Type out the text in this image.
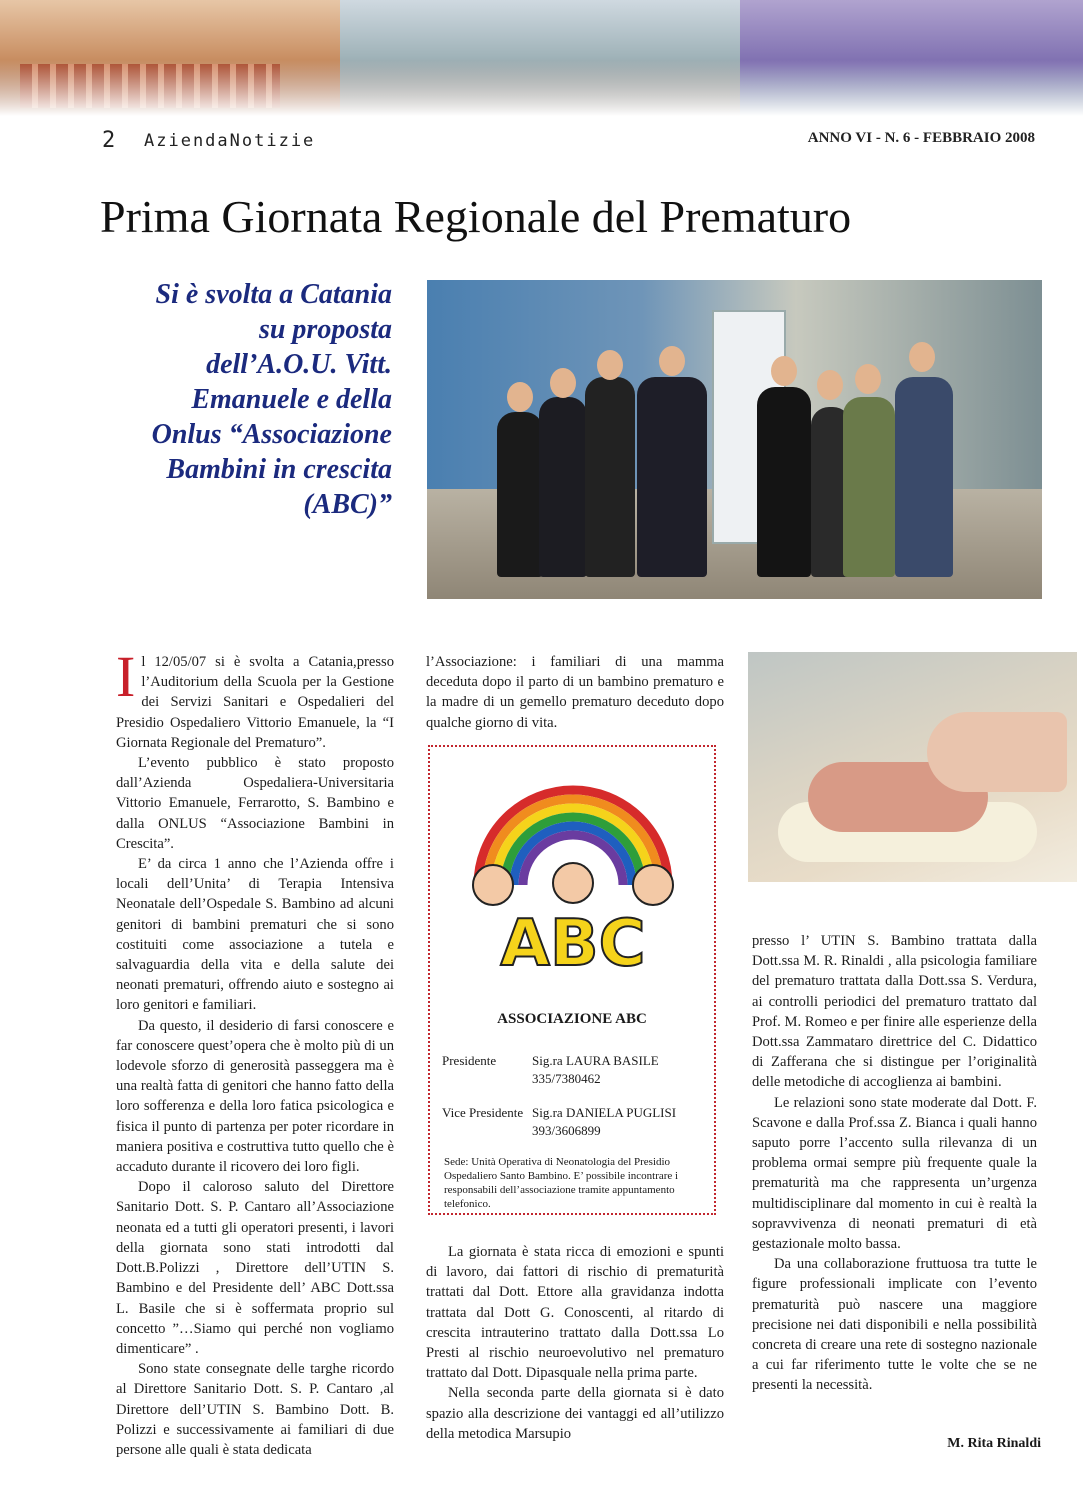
2 AziendaNotizie	ANNO VI - N. 6 - FEBBRAIO 2008
Prima Giornata Regionale del Prematuro
Si è svolta a Catania su proposta dell’A.O.U. Vitt. Emanuele e della Onlus “Associazione Bambini in crescita (ABC)”

Il 12/05/07 si è svolta a Catania,presso l’Auditorium della Scuola per la Gestione dei Servizi Sanitari e Ospedalieri del Presidio Ospedaliero Vittorio Emanuele, la “I Giornata Regionale del Prematuro”.

L’evento pubblico è stato proposto dall’Azienda Ospedaliera-Universitaria Vittorio Emanuele, Ferrarotto, S. Bambino e dalla ONLUS “Associazione Bambini in Crescita”.

E’ da circa 1 anno che l’Azienda offre i locali dell’Unita’ di Terapia Intensiva Neonatale dell’Ospedale S. Bambino ad alcuni genitori di bambini prematuri che si sono costituiti come associazione a tutela e salvaguardia della vita e della salute dei neonati prematuri, offrendo aiuto e sostegno ai loro genitori e familiari.

Da questo, il desiderio di farsi conoscere e far conoscere quest’opera che è molto più di un lodevole sforzo di generosità passeggera ma è una realtà fatta di genitori che hanno fatto della loro sofferenza e della loro fatica psicologica e fisica il punto di partenza per poter ricordare in maniera positiva e costruttiva tutto quello che è accaduto durante il ricovero dei loro figli.

Dopo il caloroso saluto del Direttore Sanitario Dott. S. P. Cantaro all’Associazione neonata ed a tutti gli operatori presenti, i lavori della giornata sono stati introdotti dal Dott.B.Polizzi , Direttore dell’UTIN S. Bambino e del Presidente dell’ ABC Dott.ssa L. Basile che si è soffermata proprio sul concetto ”…Siamo qui perché non vogliamo dimenticare” .

Sono state consegnate delle targhe ricordo al Direttore Sanitario Dott. S. P. Cantaro ,al Direttore dell’UTIN S. Bambino Dott. B. Polizzi e successivamente ai familiari di due persone alle quali è stata dedicata

l’Associazione: i familiari di una mamma deceduta dopo il parto di un bambino prematuro e la madre di un gemello prematuro deceduto dopo qualche giorno di vita.

ABC
ASSOCIAZIONE ABC
Presidente	Sig.ra LAURA BASILE
335/7380462
Vice Presidente Sig.ra DANIELA PUGLISI
393/3606899
Sede: Unità Operativa di Neonatologia del Presidio Ospedaliero Santo Bambino. E’ possibile incontrare i responsabili dell’associazione tramite appuntamento telefonico.

La giornata è stata ricca di emozioni e spunti di lavoro, dai fattori di rischio di prematurità trattati dal Dott. Ettore alla gravidanza indotta trattata dal Dott G. Conoscenti, al ritardo di crescita intrauterino trattato dalla Dott.ssa Lo Presti al rischio neuroevolutivo nel prematuro trattato dal Dott. Dipasquale nella prima parte.

Nella seconda parte della giornata si è dato spazio alla descrizione dei vantaggi ed all’utilizzo della metodica Marsupio

presso l’ UTIN S. Bambino trattata dalla Dott.ssa M. R. Rinaldi , alla psicologia familiare del prematuro trattata dalla Dott.ssa S. Verdura, ai controlli periodici del prematuro trattato dal Prof. M. Romeo e per finire alle esperienze della Dott.ssa Zammataro direttrice del C. Didattico di Zafferana che si distingue per l’originalità delle metodiche di accoglienza ai bambini.

Le relazioni sono state moderate dal Dott. F. Scavone e dalla Prof.ssa Z. Bianca i quali hanno saputo porre l’accento sulla rilevanza di un problema ormai sempre più frequente quale la prematurità ma che rappresenta un’urgenza multidisciplinare dal momento in cui è realtà la sopravvivenza di neonati prematuri di età gestazionale molto bassa.

Da una collaborazione fruttuosa tra tutte le figure professionali implicate con l’evento prematurità può nascere una maggiore precisione nei dati disponibili e nella possibilità concreta di creare una rete di sostegno nazionale a cui far riferimento tutte le volte che se ne presenti la necessità.

M. Rita Rinaldi
